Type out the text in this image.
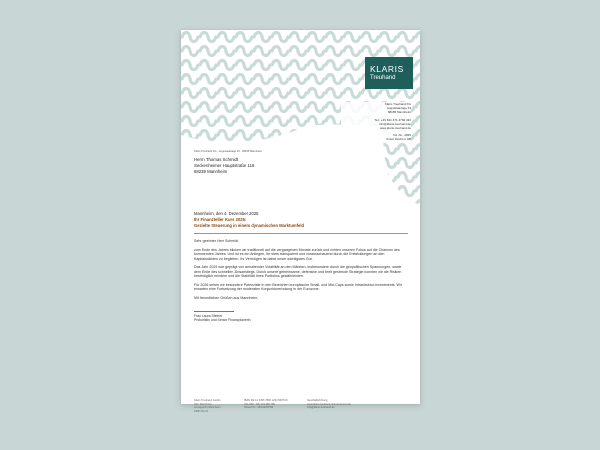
KLARIS
Treuhand
Klaris Treuhand KG
Augustaanlage 23
68165 Mannheim
Tel.: +49 621 471 4766 432
info@klaris-treuhand.de
www.klaris-treuhand.de
Kd.-Nr.: 2025
Unser Zeichen: AB
Klaris Treuhand KG · Augustaanlage 23 · 68165 Mannheim
Herrn Thomas Schmidt
Seckenheimer Hauptstraße 118
68239 Mannheim
Mannheim, den 4. Dezember 2025
Ihr Finanzteller Kurs 2025:
Gezielte Steuerung in einem dynamischen Marktumfeld
Sehr geehrter Herr Schmidt,
zum Ende des Jahres blicken wir traditionell auf die vergangenen Monate zurück und richten unseren Fokus auf die Chancen des kommenden Jahres. Und ist es ein Anliegen, Ihr stets transparent und vorausschauend durch die Entwicklungen an den Kapitalmärkten zu begleiten. Ihr Vermögen ist dabei unser wichtigstes Gut.
Das Jahr 2025 war geprägt von anhaltender Volatilität an den Märkten, insbesondere durch die geopolitischen Spannungen, sowie dem Ende des schnellen Zinsanstiegs. Durch unsere gemeinsame, defensive und breit gestreute Strategie konnten wir die Risiken bestmöglich mindern und die Stabilität Ihres Portfolios gewährleisten.
Für 2026 sehen wir besondere Potenziale in den Bereichen europäische Small- und Mid-Caps sowie Infrastruktur-Investments. Wir erwarten eine Fortsetzung der moderaten Konjunkturerholung in der Eurozone.
Mit freundlichen Grüßen aus Mannheim,
Frau Laura Steiner
Prokuristin und Senior Finanzplanerin
Klaris Treuhand GmbH
Sitz: Mannheim
Amtsgericht Mannheim
HRB 721-01
IBAN DE 12 3456 7890 1234 5678 00
USt-IdNr.: DE 123 456 789
Steuer-Nr.: 38/234/56789
Geschäftsführung
www.klaris-treuhand.de/impressum.de
info@klaris-treuhand.de
